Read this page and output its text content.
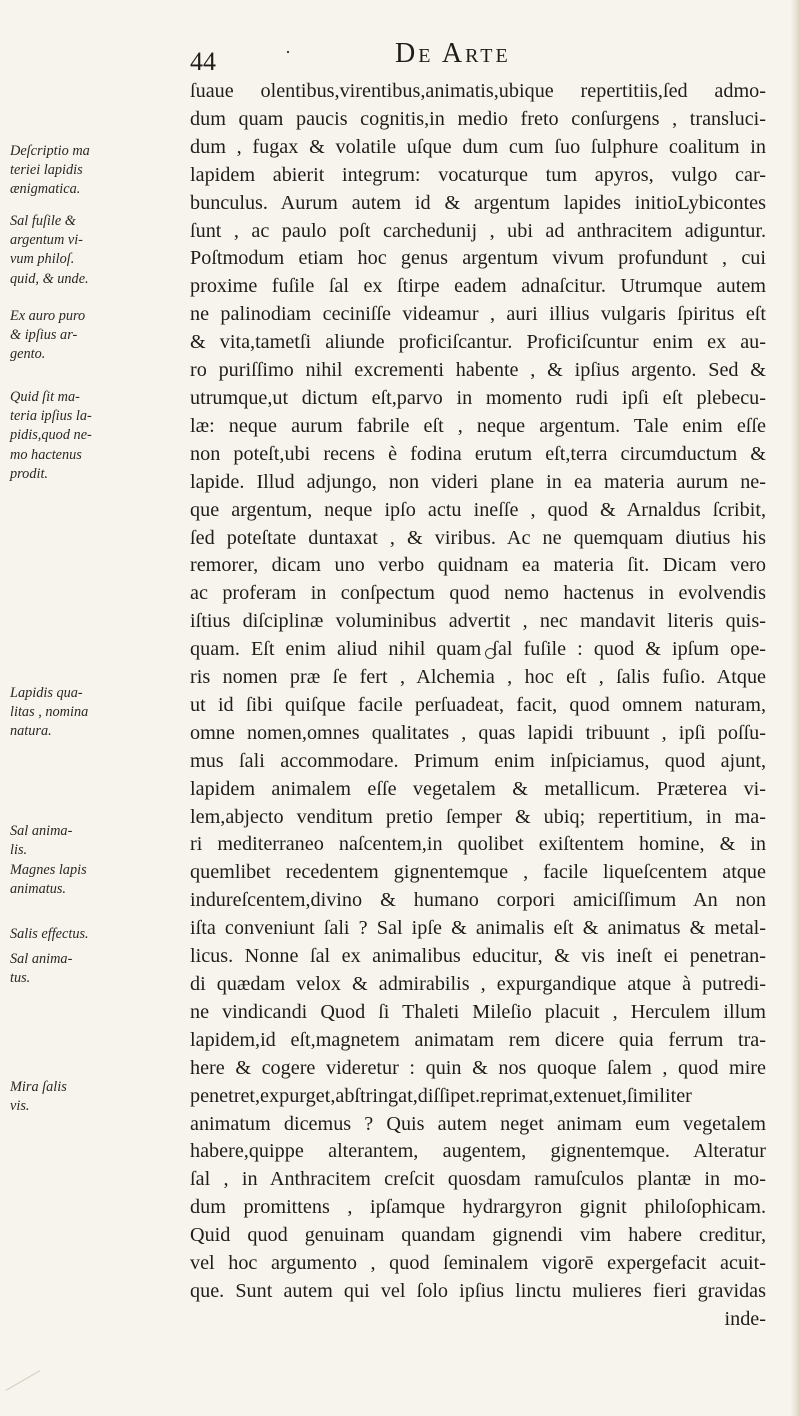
44	·	De Arte
ſuaue olentibus,virentibus,animatis,ubique repertitiis,ſed admo-
dum quam paucis cognitis,in medio freto conſurgens , transluci-
dum , fugax & volatile uſque dum cum ſuo ſulphure coalitum in
lapidem abierit integrum: vocaturque tum apyros, vulgo car-
bunculus. Aurum autem id & argentum lapides initioLybicontes
ſunt , ac paulo poſt carchedunij , ubi ad anthracitem adiguntur.
Poſtmodum etiam hoc genus argentum vivum profundunt , cui
proxime fuſile ſal ex ſtirpe eadem adnaſcitur. Utrumque autem
ne palinodiam ceciniſſe videamur , auri illius vulgaris ſpiritus eſt
& vita,tametſi aliunde proficiſcantur. Proficiſcuntur enim ex au-
ro puriſſimo nihil excrementi habente , & ipſius argento. Sed &
utrumque,ut dictum eſt,parvo in momento rudi ipſi eſt plebecu-
læ: neque aurum fabrile eſt , neque argentum. Tale enim eſſe
non poteſt,ubi recens è fodina erutum eſt,terra circumductum &
lapide. Illud adjungo, non videri plane in ea materia aurum ne-
que argentum, neque ipſo actu ineſſe , quod & Arnaldus ſcribit,
ſed poteſtate duntaxat , & viribus. Ac ne quemquam diutius his
remorer, dicam uno verbo quidnam ea materia ſit. Dicam vero
ac proferam in conſpectum quod nemo hactenus in evolvendis
iſtius diſciplinæ voluminibus advertit , nec mandavit literis quis-
quam. Eſt enim aliud nihil quam ſal fuſile : quod & ipſum ope-
ris nomen præ ſe fert , Alchemia , hoc eſt , ſalis fuſio. Atque
ut id ſibi quiſque facile perſuadeat, facit, quod omnem naturam,
omne nomen,omnes qualitates , quas lapidi tribuunt , ipſi poſſu-
mus ſali accommodare. Primum enim inſpiciamus, quod ajunt,
lapidem animalem eſſe vegetalem & metallicum. Præterea vi-
lem,abjecto venditum pretio ſemper & ubiq; repertitium, in ma-
ri mediterraneo naſcentem,in quolibet exiſtentem homine, & in
quemlibet recedentem gignentemque , facile liqueſcentem atque
indureſcentem,divino & humano corpori amiciſſimum An non
iſta conveniunt ſali ? Sal ipſe & animalis eſt & animatus & metal-
licus. Nonne ſal ex animalibus educitur, & vis ineſt ei penetran-
di quædam velox & admirabilis , expurgandique atque à putredi-
ne vindicandi Quod ſi Thaleti Mileſio placuit , Herculem illum
lapidem,id eſt,magnetem animatam rem dicere quia ferrum tra-
here & cogere videretur : quin & nos quoque ſalem , quod mire
penetret,expurget,abſtringat,diſſipet.reprimat,extenuet,ſimiliter
animatum dicemus ? Quis autem neget animam eum vegetalem
habere,quippe alterantem, augentem, gignentemque. Alteratur
ſal , in Anthracitem creſcit quosdam ramuſculos plantæ in mo-
dum promittens , ipſamque hydrargyron gignit philoſophicam.
Quid quod genuinam quandam gignendi vim habere creditur,
vel hoc argumento , quod ſeminalem vigorē expergefacit acuit-
que. Sunt autem qui vel ſolo ipſius linctu mulieres fieri gravidas
inde-
Deſcriptio ma
teriei lapidis
ænigmatica.
Sal fuſile &
argentum vi-
vum philoſ.
quid, & unde.
Ex auro puro
& ipſius ar-
gento.
Quid ſit ma-
teria ipſius la-
pidis,quod ne-
mo hactenus
prodit.
Lapidis qua-
litas , nomina
natura.
Sal anima-
lis.
Magnes lapis
animatus.
Salis effectus.
Sal anima-
tus.
Mira ſalis
vis.
